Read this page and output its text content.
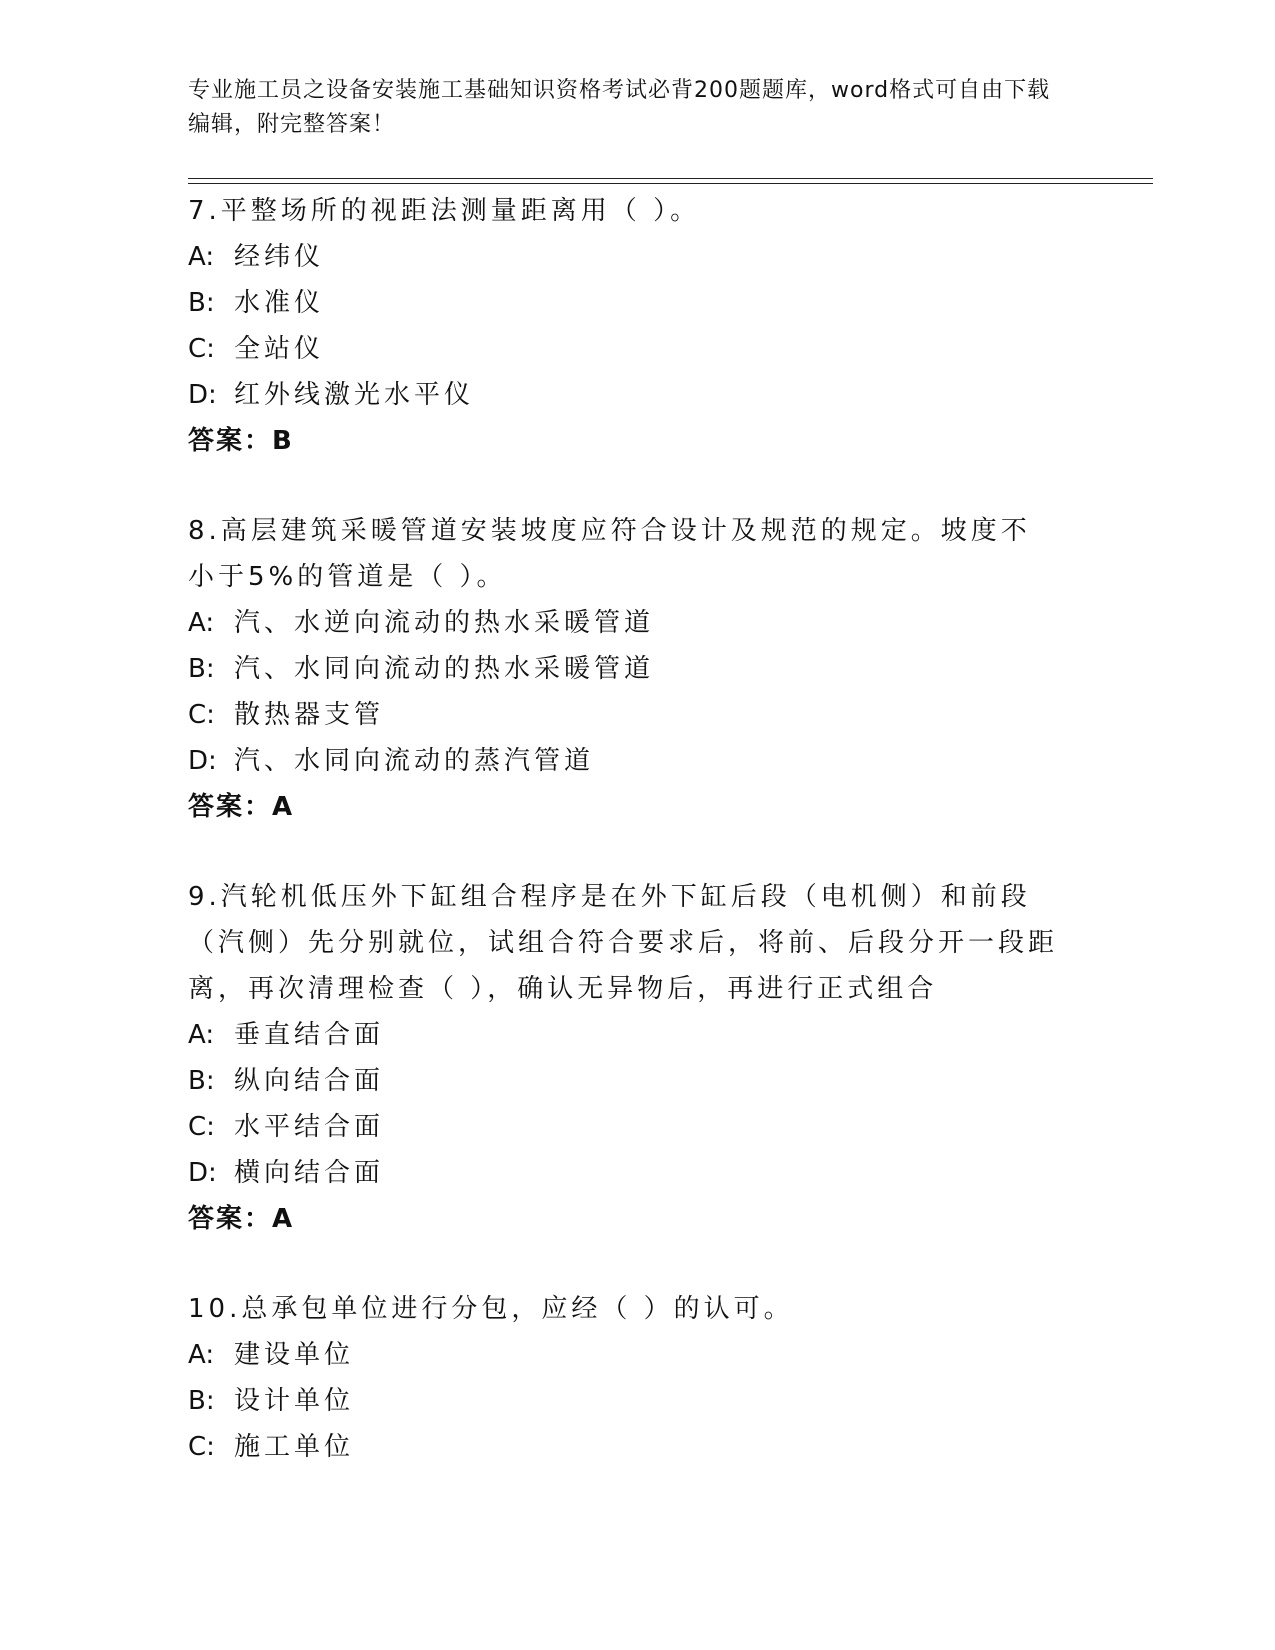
专业施工员之设备安装施工基础知识资格考试必背200题题库，word格式可自由下载编辑，附完整答案！

7.平整场所的视距法测量距离用（ ）。

A: 经纬仪

B: 水准仪

C: 全站仪

D: 红外线激光水平仪

答案：B

8.高层建筑采暖管道安装坡度应符合设计及规范的规定。坡度不小于5%的管道是（ ）。

A: 汽、水逆向流动的热水采暖管道

B: 汽、水同向流动的热水采暖管道

C: 散热器支管

D: 汽、水同向流动的蒸汽管道

答案：A

9.汽轮机低压外下缸组合程序是在外下缸后段（电机侧）和前段（汽侧）先分别就位，试组合符合要求后，将前、后段分开一段距离，再次清理检查（ ），确认无异物后，再进行正式组合

A: 垂直结合面

B: 纵向结合面

C: 水平结合面

D: 横向结合面

答案：A

10.总承包单位进行分包，应经（ ）的认可。

A: 建设单位

B: 设计单位

C: 施工单位
